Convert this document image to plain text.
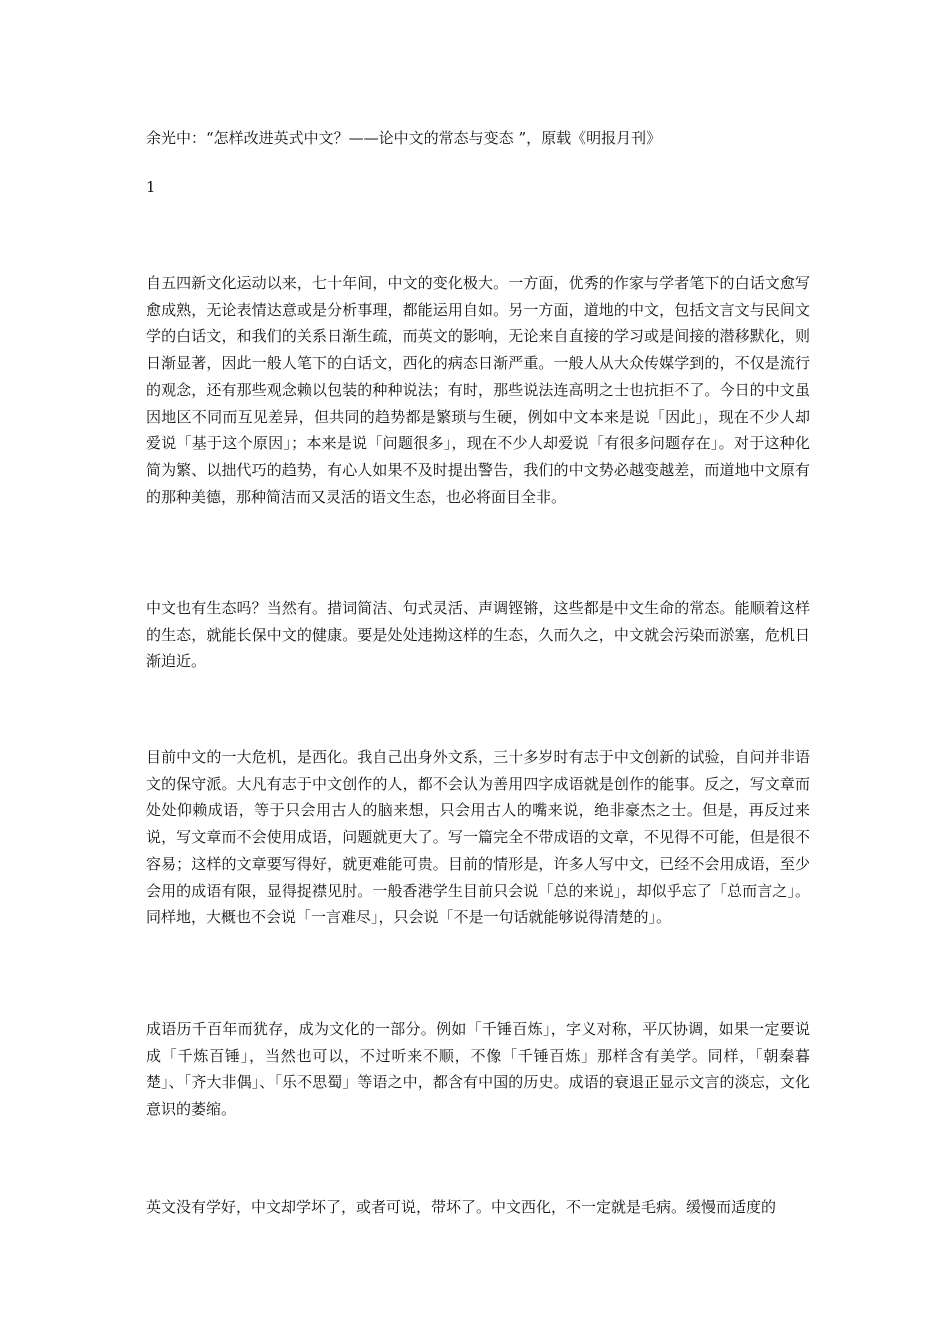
余光中：“怎样改进英式中文？——论中文的常态与变态 ”，原载《明报月刊》
1

自五四新文化运动以来，七十年间，中文的变化极大。一方面，优秀的作家与学者笔下的白话文愈写愈成熟，无论表情达意或是分析事理，都能运用自如。另一方面，道地的中文，包括文言文与民间文学的白话文，和我们的关系日渐生疏，而英文的影响，无论来自直接的学习或是间接的潜移默化，则日渐显著，因此一般人笔下的白话文，西化的病态日渐严重。一般人从大众传媒学到的，不仅是流行的观念，还有那些观念赖以包装的种种说法；有时，那些说法连高明之士也抗拒不了。今日的中文虽因地区不同而互见差异，但共同的趋势都是繁琐与生硬，例如中文本来是说「因此」，现在不少人却爱说「基于这个原因」；本来是说「问题很多」，现在不少人却爱说「有很多问题存在」。对于这种化简为繁、以拙代巧的趋势，有心人如果不及时提出警告，我们的中文势必越变越差，而道地中文原有的那种美德，那种简洁而又灵活的语文生态，也必将面目全非。

中文也有生态吗？当然有。措词简洁、句式灵活、声调铿锵，这些都是中文生命的常态。能顺着这样的生态，就能长保中文的健康。要是处处违拗这样的生态，久而久之，中文就会污染而淤塞，危机日渐迫近。

目前中文的一大危机，是西化。我自己出身外文系，三十多岁时有志于中文创新的试验，自问并非语文的保守派。大凡有志于中文创作的人，都不会认为善用四字成语就是创作的能事。反之，写文章而处处仰赖成语，等于只会用古人的脑来想，只会用古人的嘴来说，绝非豪杰之士。但是，再反过来说，写文章而不会使用成语，问题就更大了。写一篇完全不带成语的文章，不见得不可能，但是很不容易；这样的文章要写得好，就更难能可贵。目前的情形是，许多人写中文，已经不会用成语，至少会用的成语有限，显得捉襟见肘。一般香港学生目前只会说「总的来说」，却似乎忘了「总而言之」。同样地，大概也不会说「一言难尽」，只会说「不是一句话就能够说得清楚的」。

成语历千百年而犹存，成为文化的一部分。例如「千锤百炼」，字义对称，平仄协调，如果一定要说成「千炼百锤」，当然也可以，不过听来不顺，不像「千锤百炼」那样含有美学。同样，「朝秦暮楚」、「齐大非偶」、「乐不思蜀」等语之中，都含有中国的历史。成语的衰退正显示文言的淡忘，文化意识的萎缩。

英文没有学好，中文却学坏了，或者可说，带坏了。中文西化，不一定就是毛病。缓慢而适度的
